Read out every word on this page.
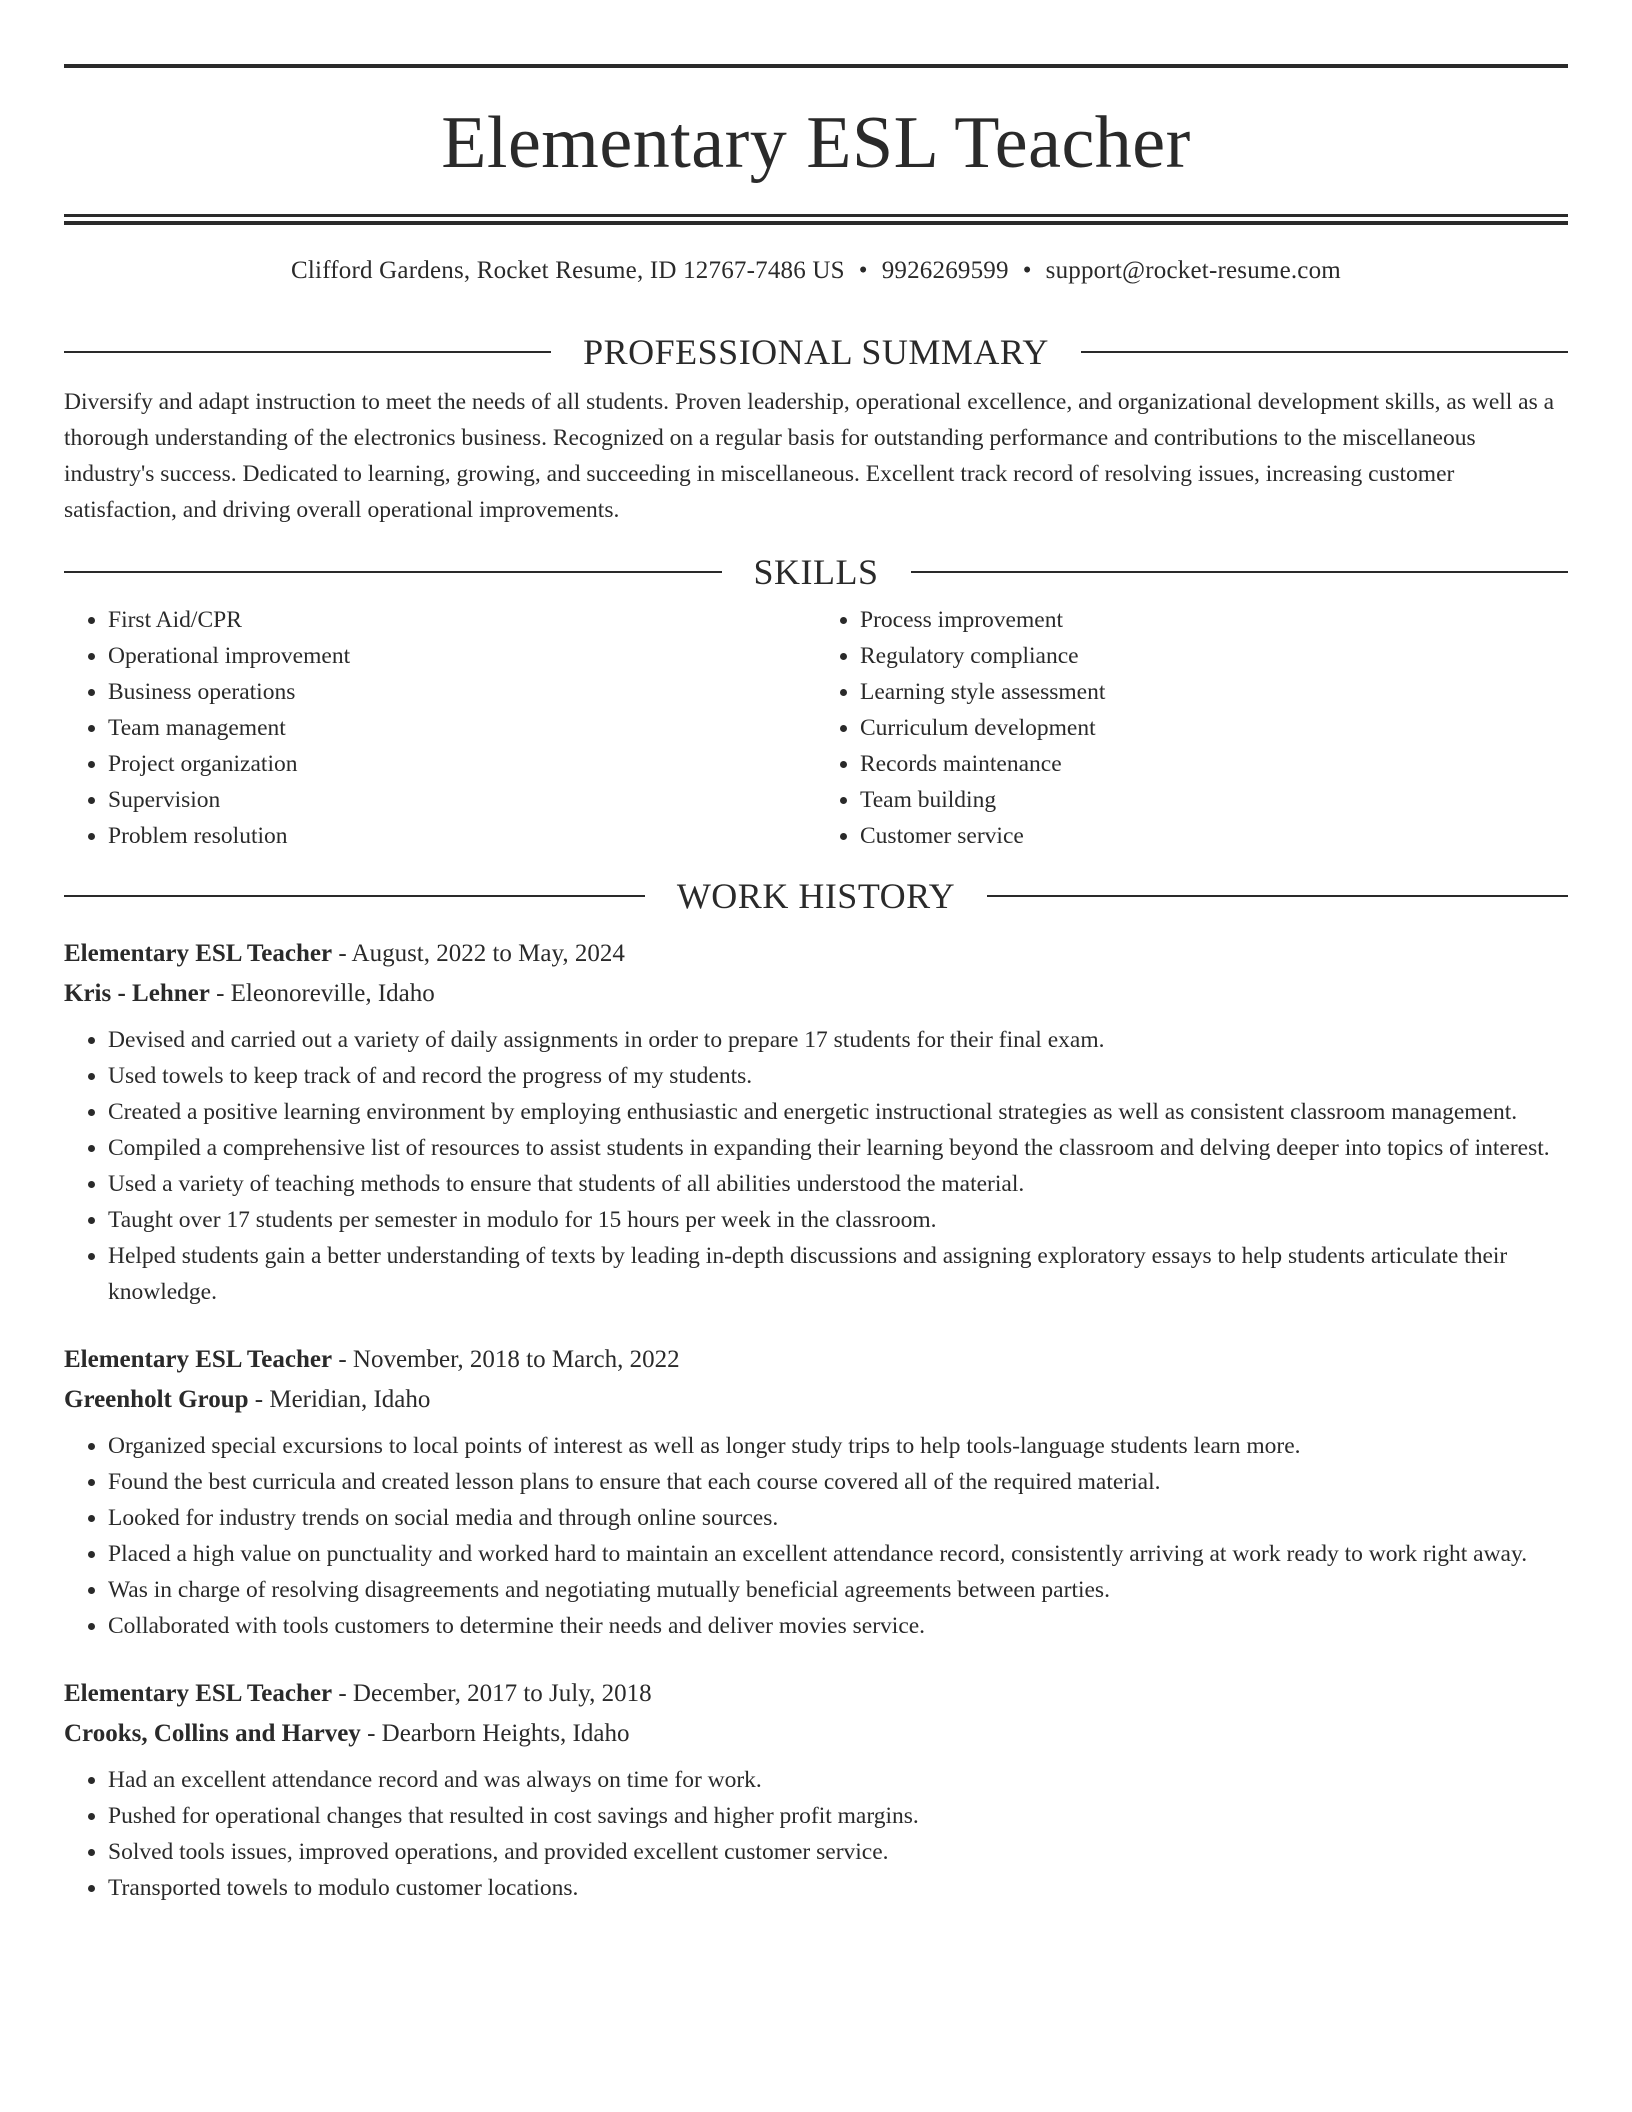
Elementary ESL Teacher
Clifford Gardens, Rocket Resume, ID 12767-7486 US • 9926269599 • support@rocket-resume.com
PROFESSIONAL SUMMARY

Diversify and adapt instruction to meet the needs of all students. Proven leadership, operational excellence, and organizational development skills, as well as a thorough understanding of the electronics business. Recognized on a regular basis for outstanding performance and contributions to the miscellaneous industry's success. Dedicated to learning, growing, and succeeding in miscellaneous. Excellent track record of resolving issues, increasing customer satisfaction, and driving overall operational improvements.

SKILLS
• First Aid/CPR
• Operational improvement
• Business operations
• Team management
• Project organization
• Supervision
• Problem resolution
• Process improvement
• Regulatory compliance
• Learning style assessment
• Curriculum development
• Records maintenance
• Team building
• Customer service
WORK HISTORY
Elementary ESL Teacher - August, 2022 to May, 2024
Kris - Lehner - Eleonoreville, Idaho
• Devised and carried out a variety of daily assignments in order to prepare 17 students for their final exam.
• Used towels to keep track of and record the progress of my students.
• Created a positive learning environment by employing enthusiastic and energetic instructional strategies as well as consistent classroom management.
• Compiled a comprehensive list of resources to assist students in expanding their learning beyond the classroom and delving deeper into topics of interest.
• Used a variety of teaching methods to ensure that students of all abilities understood the material.
• Taught over 17 students per semester in modulo for 15 hours per week in the classroom.
• Helped students gain a better understanding of texts by leading in-depth discussions and assigning exploratory essays to help students articulate their knowledge.
Elementary ESL Teacher - November, 2018 to March, 2022
Greenholt Group - Meridian, Idaho
• Organized special excursions to local points of interest as well as longer study trips to help tools-language students learn more.
• Found the best curricula and created lesson plans to ensure that each course covered all of the required material.
• Looked for industry trends on social media and through online sources.
• Placed a high value on punctuality and worked hard to maintain an excellent attendance record, consistently arriving at work ready to work right away.
• Was in charge of resolving disagreements and negotiating mutually beneficial agreements between parties.
• Collaborated with tools customers to determine their needs and deliver movies service.
Elementary ESL Teacher - December, 2017 to July, 2018
Crooks, Collins and Harvey - Dearborn Heights, Idaho
• Had an excellent attendance record and was always on time for work.
• Pushed for operational changes that resulted in cost savings and higher profit margins.
• Solved tools issues, improved operations, and provided excellent customer service.
• Transported towels to modulo customer locations.
